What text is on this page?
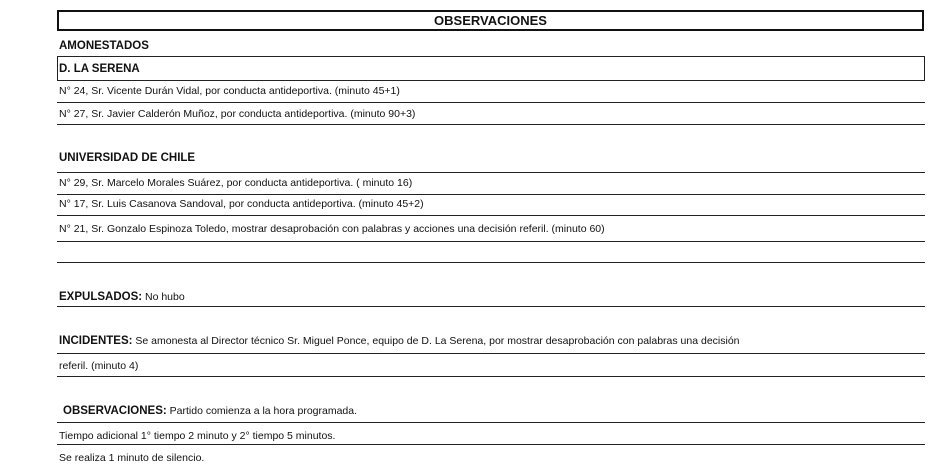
OBSERVACIONES
AMONESTADOS
D. LA SERENA
N° 24, Sr. Vicente Durán Vidal, por conducta antideportiva. (minuto 45+1)
N° 27, Sr. Javier Calderón Muñoz, por conducta antideportiva. (minuto 90+3)
UNIVERSIDAD DE CHILE
N° 29, Sr. Marcelo Morales Suárez, por conducta antideportiva. ( minuto 16)
N° 17, Sr. Luis Casanova Sandoval, por conducta antideportiva. (minuto 45+2)
N° 21, Sr. Gonzalo Espinoza Toledo, mostrar desaprobación con palabras y acciones una decisión referil. (minuto 60)
EXPULSADOS: No hubo
INCIDENTES: Se amonesta al Director técnico Sr. Miguel Ponce, equipo de D. La Serena, por mostrar desaprobación con palabras una decisión
referil. (minuto 4)
OBSERVACIONES: Partido comienza a la hora programada.
Tiempo adicional 1° tiempo 2 minuto y 2° tiempo 5 minutos.
Se realiza 1 minuto de silencio.
